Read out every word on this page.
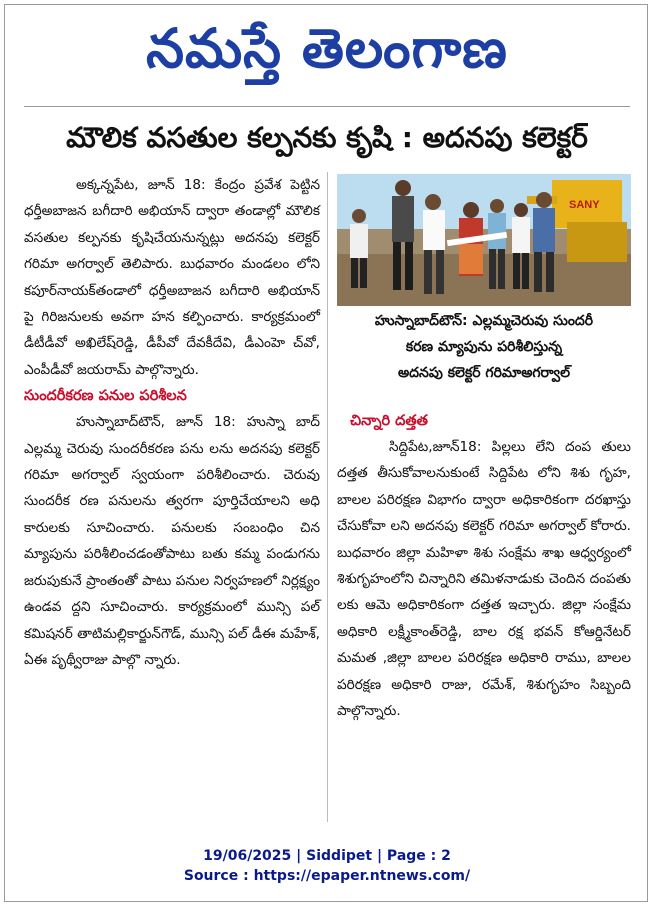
నమస్తే తెలంగాణ
మౌలిక వసతుల కల్పనకు కృషి : అదనపు కలెక్టర్

అక్కన్నపేట, జూన్‌ 18: కేంద్రం ప్రవేశ పెట్టిన ధర్తీఅబాజన బగీదారి అభియాన్‌ ద్వారా తండాల్లో మౌలిక వసతుల కల్పనకు కృషిచేయనున్నట్లు అదనపు కలెక్టర్‌ గరిమా అగర్వాల్‌ తెలిపారు. బుధవారం మండలం లోని కపూర్‌నాయక్‌తండాలో ధర్తీఅబాజన బగీదారి అభియాన్‌ పై గిరిజనులకు అవగా హన కల్పించారు. కార్యక్రమంలో డీటీడీవో అఖిలేష్‌రెడ్డి, డీపీవో దేవకీదేవి, డీఎంహె చ్‌వో, ఎంపీడీవో జయరామ్‌ పాల్గొన్నారు.

సుందరీకరణ పనుల పరిశీలన

హుస్నాబాద్‌టౌన్‌, జూన్‌ 18: హుస్నా బాద్‌ ఎల్లమ్మ చెరువు సుందరీకరణ పను లను అదనపు కలెక్టర్‌ గరిమా అగర్వాల్‌ స్వయంగా పరిశీలించారు. చెరువు సుందరీక రణ పనులను త్వరగా పూర్తిచేయాలని అధి కారులకు సూచించారు. పనులకు సంబంధిం చిన మ్యాపును పరిశీలించడంతోపాటు బతు కమ్మ పండుగను జరుపుకునే ప్రాంతంతో పాటు పనుల నిర్వహణలో నిర్లక్ష్యం ఉండవ ద్దని సూచించారు. కార్యక్రమంలో మున్సి పల్‌ కమిషనర్‌ తాటిమల్లికార్జున్‌గౌడ్‌, మున్సి పల్‌ డీఈ మహేశ్‌, ఏఈ పృథ్వీరాజు పాల్గొ న్నారు.

SANY

హుస్నాబాద్‌టౌన్‌: ఎల్లమ్మచెరువు సుందరీ

కరణ మ్యాపును పరిశీలిస్తున్న

అదనపు కలెక్టర్‌ గరిమాఅగర్వాల్‌

చిన్నారి దత్తత

సిద్దిపేట,జూన్‌18: పిల్లలు లేని దంప తులు దత్తత తీసుకోవాలనుకుంటే సిద్దిపేట లోని శిశు గృహ, బాలల పరిరక్షణ విభాగం ద్వారా అధికారికంగా దరఖాస్తు చేసుకోవా లని అదనపు కలెక్టర్‌ గరిమా అగర్వాల్‌ కోరారు. బుధవారం జిల్లా మహిళా శిశు సంక్షేమ శాఖ ఆధ్వర్యంలో శిశుగృహంలోని చిన్నారిని తమిళనాడుకు చెందిన దంపతు లకు ఆమె అధికారికంగా దత్తత ఇచ్చారు. జిల్లా సంక్షేమ అధికారి లక్ష్మీకాంత్‌రెడ్డి, బాల రక్ష భవన్‌ కోఆర్డినేటర్‌ మమత ,జిల్లా బాలల పరిరక్షణ అధికారి రాము, బాలల పరిరక్షణ అధికారి రాజు, రమేశ్‌, శిశుగృహం సిబ్బంది పాల్గొన్నారు.

19/06/2025 | Siddipet | Page : 2
Source : https://epaper.ntnews.com/
